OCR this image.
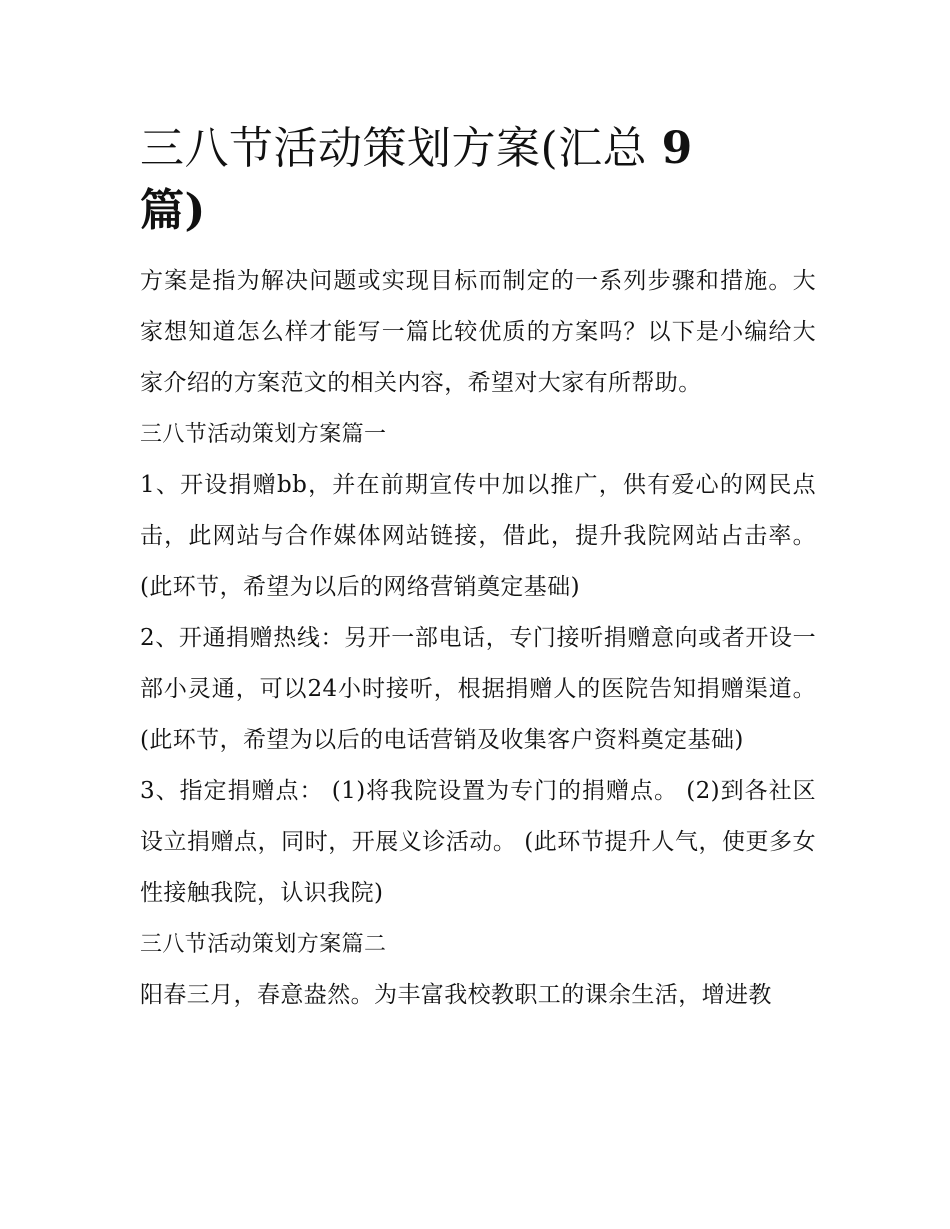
三八节活动策划方案(汇总 9
篇)

方案是指为解决问题或实现目标而制定的一系列步骤和措施。大家想知道怎么样才能写一篇比较优质的方案吗？以下是小编给大家介绍的方案范文的相关内容，希望对大家有所帮助。

三八节活动策划方案篇一

1、开设捐赠bb，并在前期宣传中加以推广，供有爱心的网民点击，此网站与合作媒体网站链接，借此，提升我院网站占击率。(此环节，希望为以后的网络营销奠定基础)

2、开通捐赠热线：另开一部电话，专门接听捐赠意向或者开设一部小灵通，可以24小时接听，根据捐赠人的医院告知捐赠渠道。(此环节，希望为以后的电话营销及收集客户资料奠定基础)

3、指定捐赠点： (1)将我院设置为专门的捐赠点。 (2)到各社区设立捐赠点，同时，开展义诊活动。 (此环节提升人气，使更多女性接触我院，认识我院)

三八节活动策划方案篇二

阳春三月，春意盎然。为丰富我校教职工的课余生活，增进教
